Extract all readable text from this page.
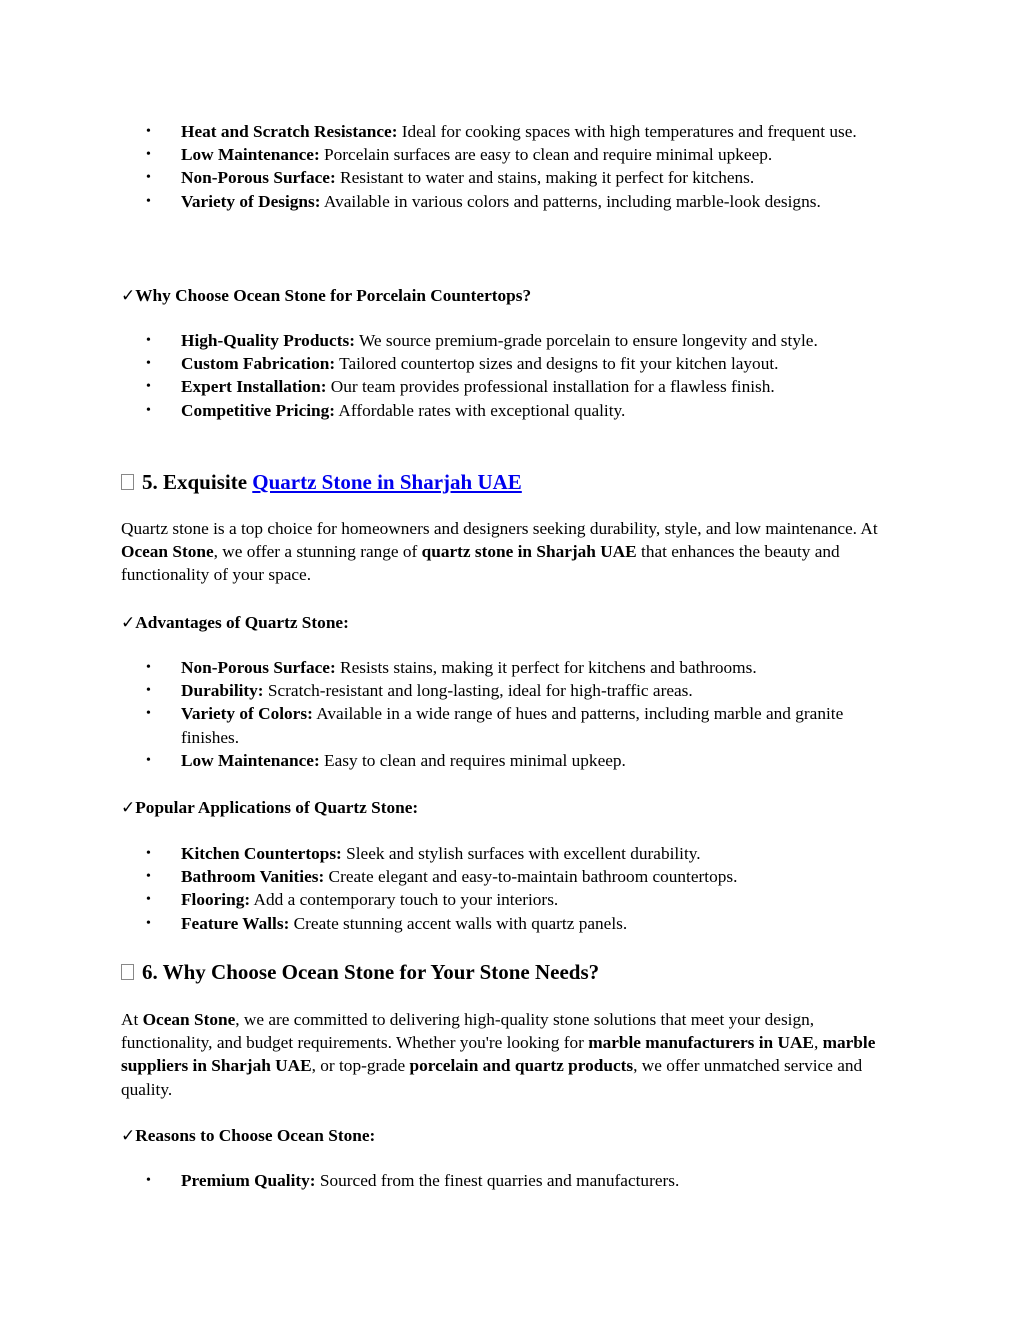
• Heat and Scratch Resistance: Ideal for cooking spaces with high temperatures and frequent use.
• Low Maintenance: Porcelain surfaces are easy to clean and require minimal upkeep.
• Non-Porous Surface: Resistant to water and stains, making it perfect for kitchens.
• Variety of Designs: Available in various colors and patterns, including marble-look designs.
✓Why Choose Ocean Stone for Porcelain Countertops?
• High-Quality Products: We source premium-grade porcelain to ensure longevity and style.
• Custom Fabrication: Tailored countertop sizes and designs to fit your kitchen layout.
• Expert Installation: Our team provides professional installation for a flawless finish.
• Competitive Pricing: Affordable rates with exceptional quality.
5. Exquisite Quartz Stone in Sharjah UAE
Quartz stone is a top choice for homeowners and designers seeking durability, style, and low maintenance. At Ocean Stone, we offer a stunning range of quartz stone in Sharjah UAE that enhances the beauty and functionality of your space.
✓Advantages of Quartz Stone:
• Non-Porous Surface: Resists stains, making it perfect for kitchens and bathrooms.
• Durability: Scratch-resistant and long-lasting, ideal for high-traffic areas.
• Variety of Colors: Available in a wide range of hues and patterns, including marble and granite finishes.
• Low Maintenance: Easy to clean and requires minimal upkeep.
✓Popular Applications of Quartz Stone:
• Kitchen Countertops: Sleek and stylish surfaces with excellent durability.
• Bathroom Vanities: Create elegant and easy-to-maintain bathroom countertops.
• Flooring: Add a contemporary touch to your interiors.
• Feature Walls: Create stunning accent walls with quartz panels.
6. Why Choose Ocean Stone for Your Stone Needs?
At Ocean Stone, we are committed to delivering high-quality stone solutions that meet your design, functionality, and budget requirements. Whether you're looking for marble manufacturers in UAE, marble suppliers in Sharjah UAE, or top-grade porcelain and quartz products, we offer unmatched service and quality.
✓Reasons to Choose Ocean Stone:
• Premium Quality: Sourced from the finest quarries and manufacturers.
